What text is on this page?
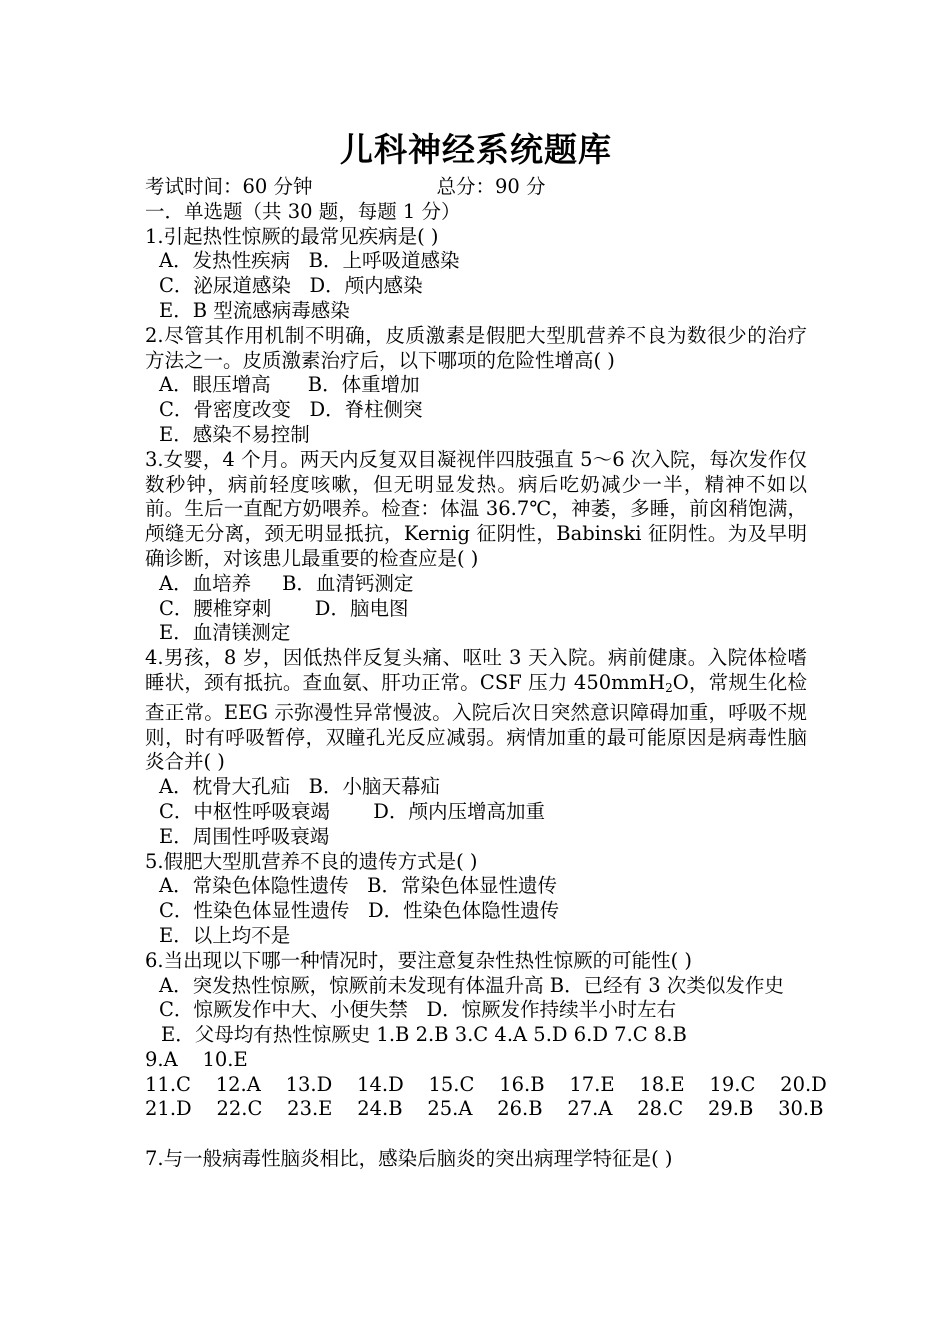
儿科神经系统题库

考试时间：60 分钟                    总分：90 分

一．单选题（共 30 题，每题 1 分）

1.引起热性惊厥的最常见疾病是( )

A．发热性疾病   B．上呼吸道感染

C．泌尿道感染   D．颅内感染

E．B 型流感病毒感染

2.尽管其作用机制不明确，皮质激素是假肥大型肌营养不良为数很少的治疗方法之一。皮质激素治疗后，以下哪项的危险性增高( )

A．眼压增高      B．体重增加

C．骨密度改变   D．脊柱侧突

E．感染不易控制

3.女婴，4 个月。两天内反复双目凝视伴四肢强直 5～6 次入院，每次发作仅数秒钟，病前轻度咳嗽，但无明显发热。病后吃奶减少一半，精神不如以前。生后一直配方奶喂养。检查：体温 36.7℃，神萎，多睡，前囟稍饱满，颅缝无分离，颈无明显抵抗，Kernig 征阴性，Babinski 征阴性。为及早明确诊断，对该患儿最重要的检查应是( )

A．血培养     B．血清钙测定

C．腰椎穿刺       D．脑电图

E．血清镁测定

4.男孩，8 岁，因低热伴反复头痛、呕吐 3 天入院。病前健康。入院体检嗜睡状，颈有抵抗。查血氨、肝功正常。CSF 压力 450mmH$_2$O，常规生化检查正常。EEG 示弥漫性异常慢波。入院后次日突然意识障碍加重，呼吸不规则，时有呼吸暂停，双瞳孔光反应减弱。病情加重的最可能原因是病毒性脑炎合并( )

A．枕骨大孔疝   B．小脑天幕疝

C．中枢性呼吸衰竭       D．颅内压增高加重

E．周围性呼吸衰竭

5.假肥大型肌营养不良的遗传方式是( )

A．常染色体隐性遗传   B．常染色体显性遗传

C．性染色体显性遗传   D．性染色体隐性遗传

E．以上均不是

6.当出现以下哪一种情况时，要注意复杂性热性惊厥的可能性( )

A．突发热性惊厥，惊厥前未发现有体温升高 B．已经有 3 次类似发作史

C．惊厥发作中大、小便失禁   D．惊厥发作持续半小时左右

E．父母均有热性惊厥史 1.B 2.B 3.C 4.A 5.D 6.D 7.C 8.B

9.A    10.E

11.C    12.A    13.D    14.D    15.C    16.B    17.E    18.E    19.C    20.D

21.D    22.C    23.E    24.B    25.A    26.B    27.A    28.C    29.B    30.B

7.与一般病毒性脑炎相比，感染后脑炎的突出病理学特征是( )
